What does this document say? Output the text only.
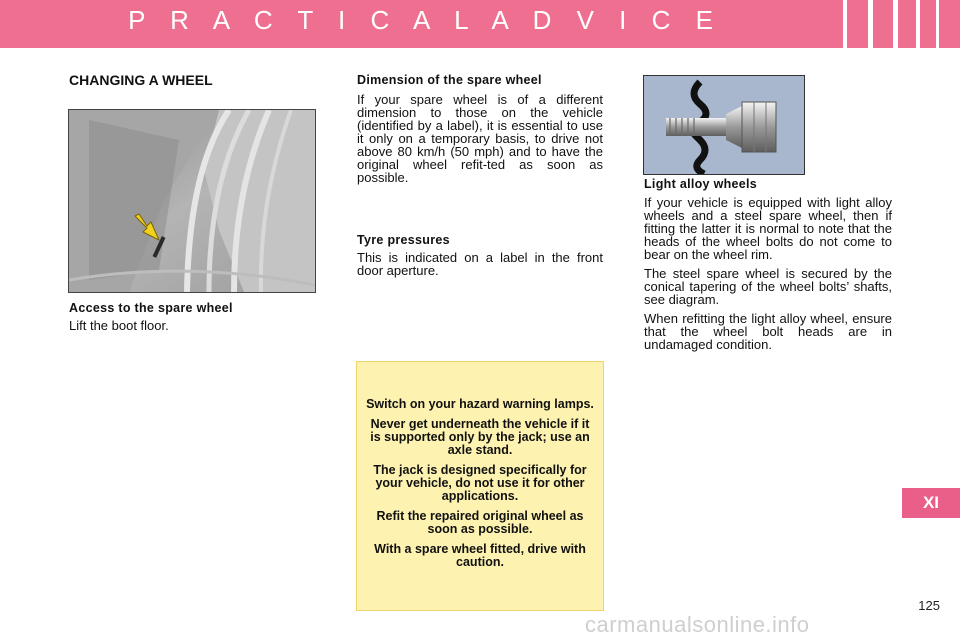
P R A C T I C A L A D V I C E
CHANGING A WHEEL
Access to the spare wheel

Lift the boot floor.

Dimension of the spare wheel

If your spare wheel is of a different dimension to those on the vehicle (identified by a label), it is essential to use it only on a temporary basis, to drive not above 80 km/h (50 mph) and to have the original wheel refit-ted as soon as possible.

Tyre pressures

This is indicated on a label in the front door aperture.

Switch on your hazard warning lamps.

Never get underneath the vehicle if it is supported only by the jack; use an axle stand.

The jack is designed specifically for your vehicle, do not use it for other applications.

Refit the repaired original wheel as soon as possible.

With a spare wheel fitted, drive with caution.

Light alloy wheels

If your vehicle is equipped with light alloy wheels and a steel spare wheel, then if fitting the latter it is normal to note that the heads of the wheel bolts do not come to bear on the wheel rim.

The steel spare wheel is secured by the conical tapering of the wheel bolts’ shafts, see diagram.

When refitting the light alloy wheel, ensure that the wheel bolt heads are in undamaged condition.

XI
125
carmanualsonline.info
